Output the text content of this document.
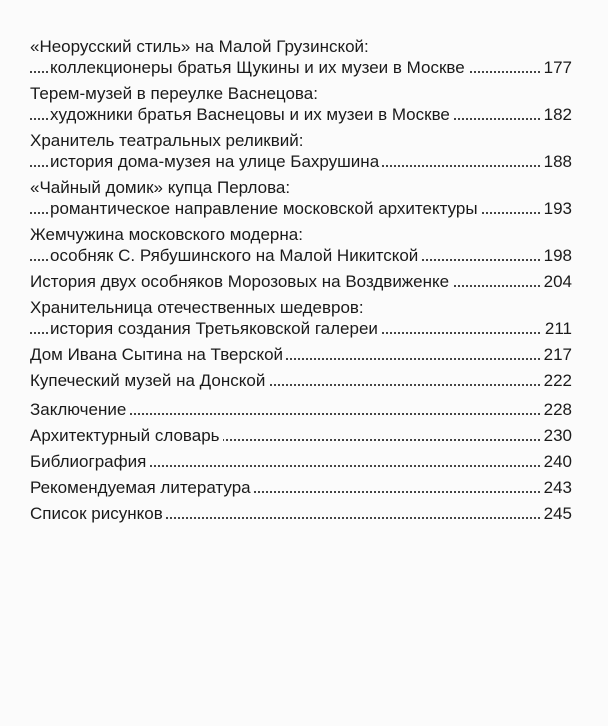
«Неорусский стиль» на Малой Грузинской:
коллекционеры братья Щукины и их музеи в Москве	177
Терем-музей в переулке Васнецова:
художники братья Васнецовы и их музеи в Москве	182
Хранитель театральных реликвий:
история дома-музея на улице Бахрушина	188
«Чайный домик» купца Перлова:
романтическое направление московской архитектуры	193
Жемчужина московского модерна:
особняк С. Рябушинского на Малой Никитской	198
История двух особняков Морозовых на Воздвиженке	204
Хранительница отечественных шедевров:
история создания Третьяковской галереи	211
Дом Ивана Сытина на Тверской	217
Купеческий музей на Донской	222
Заключение	228
Архитектурный словарь	230
Библиография	240
Рекомендуемая литература	243
Список рисунков	245
